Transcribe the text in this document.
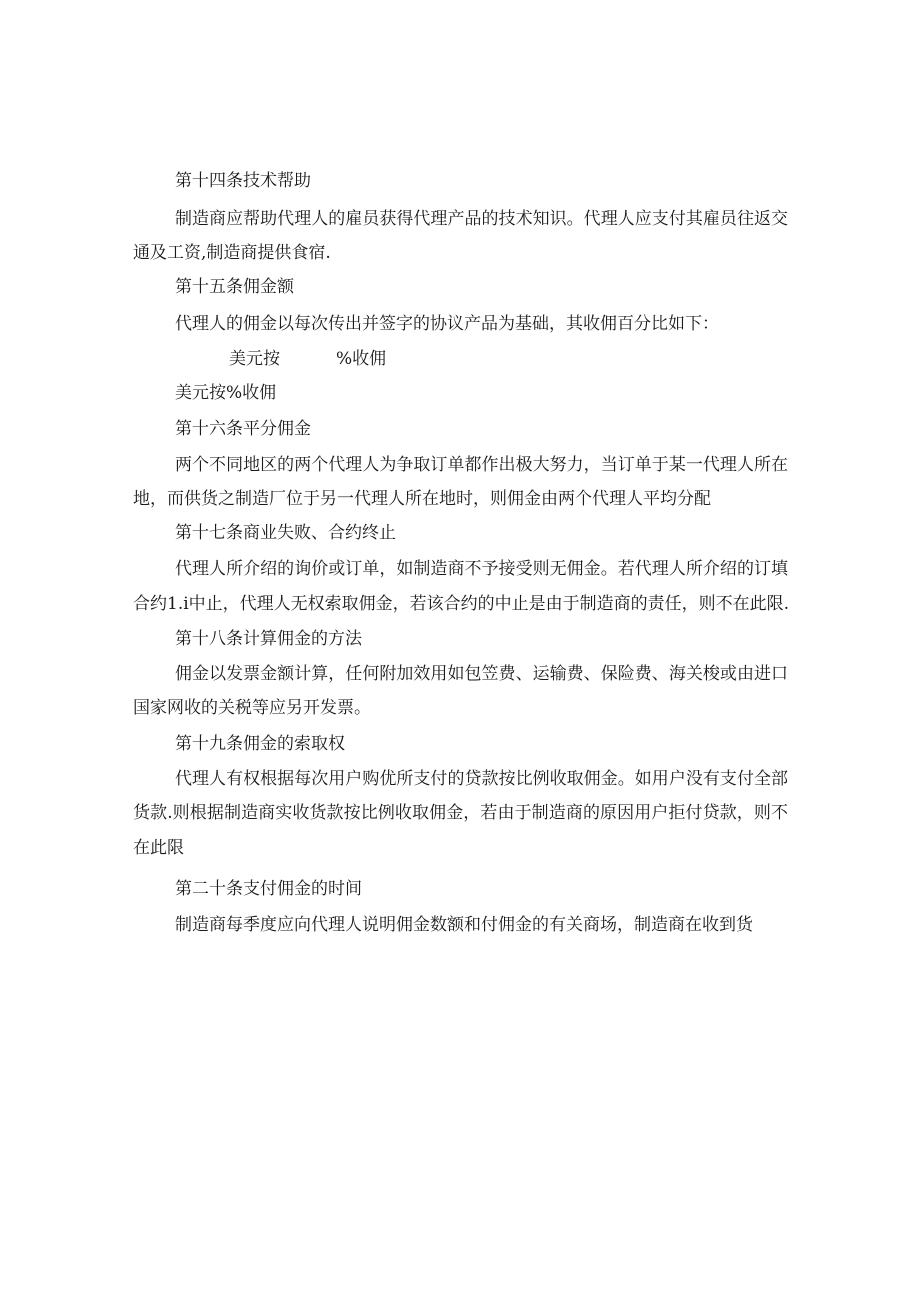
第十四条技术帮助
制造商应帮助代理人的雇员获得代理产品的技术知识。代理人应支付其雇员往返交
通及工资,制造商提供食宿.
第十五条佣金额
代理人的佣金以每次传出并签字的协议产品为基础，其收佣百分比如下：
美元按	%收佣
美元按%收佣
第十六条平分佣金
两个不同地区的两个代理人为争取订单都作出极大努力，当订单于某一代理人所在
地，而供货之制造厂位于另一代理人所在地时，则佣金由两个代理人平均分配
第十七条商业失败、合约终止
代理人所介绍的询价或订单，如制造商不予接受则无佣金。若代理人所介绍的订填
合约1.i中止，代理人无权索取佣金，若该合约的中止是由于制造商的责任，则不在此限.
第十八条计算佣金的方法
佣金以发票金额计算，任何附加效用如包笠费、运输费、保险费、海关梭或由进口
国家网收的关税等应另开发票。
第十九条佣金的索取权
代理人有权根据每次用户购优所支付的贷款按比例收取佣金。如用户没有支付全部
货款.则根据制造商实收货款按比例收取佣金，若由于制造商的原因用户拒付贷款，则不
在此限
第二十条支付佣金的时间
制造商每季度应向代理人说明佣金数额和付佣金的有关商场，制造商在收到货
